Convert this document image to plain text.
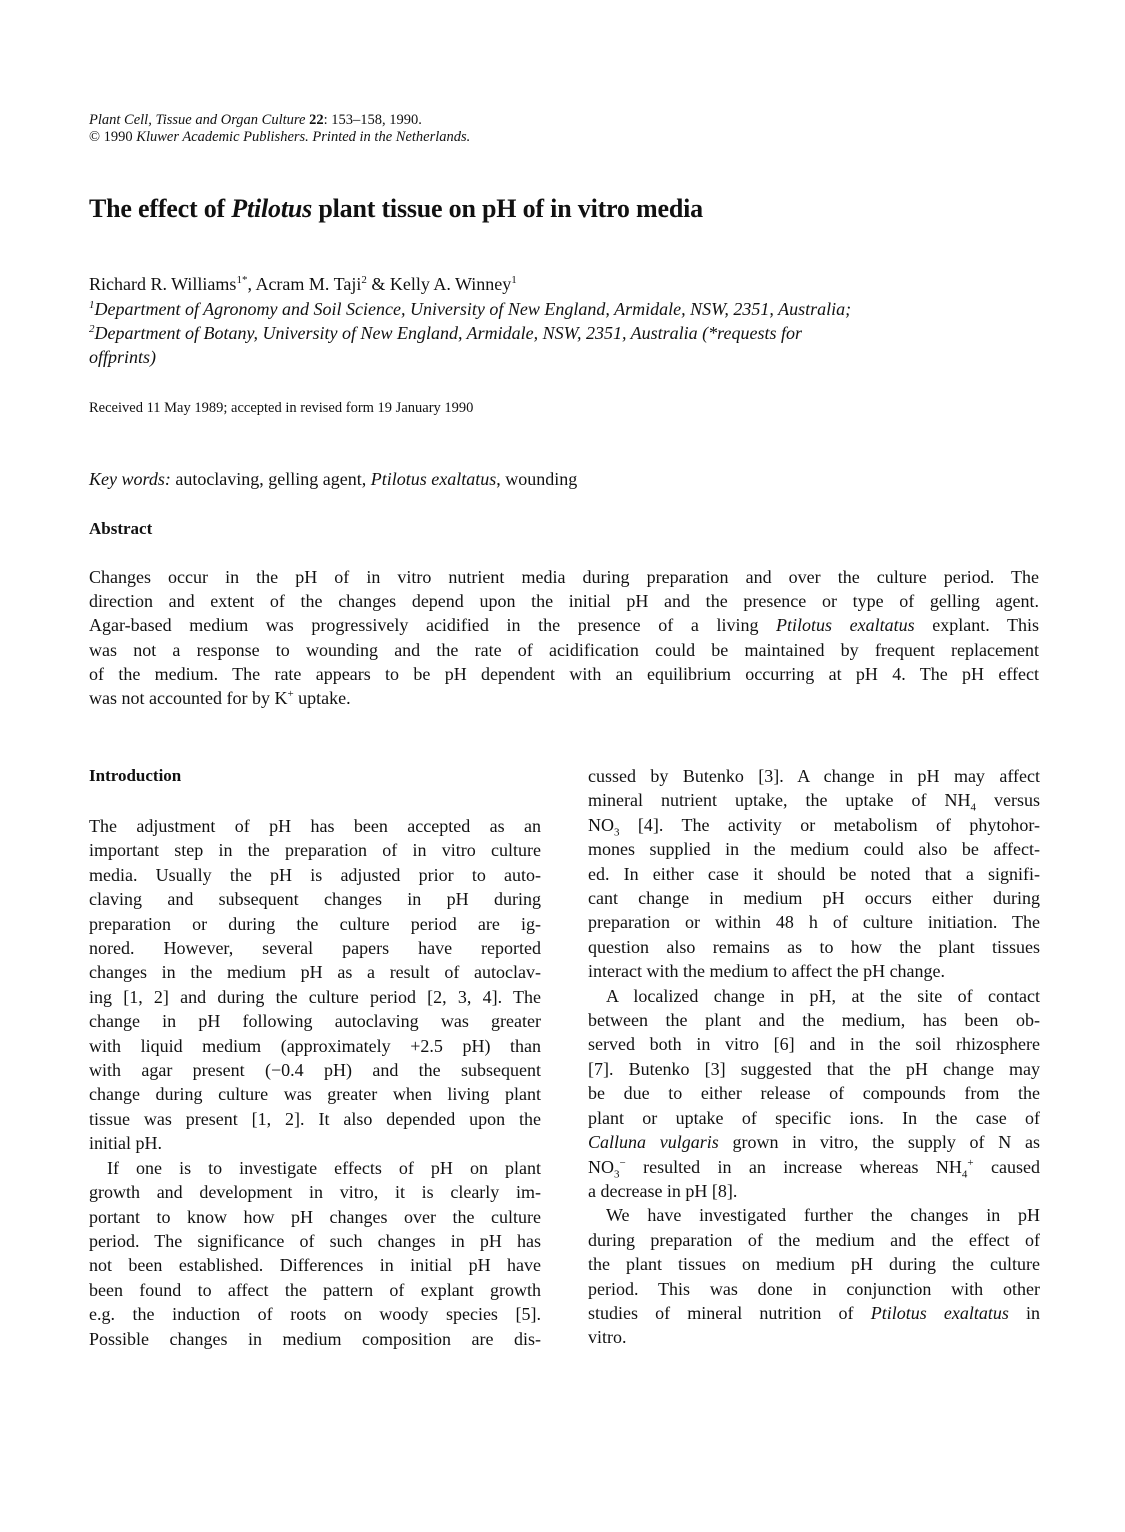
Plant Cell, Tissue and Organ Culture 22: 153–158, 1990.
© 1990 Kluwer Academic Publishers. Printed in the Netherlands.
The effect of Ptilotus plant tissue on pH of in vitro media
Richard R. Williams$^{1*}$, Acram M. Taji$^2$ & Kelly A. Winney$^1$
$^1$Department of Agronomy and Soil Science, University of New England, Armidale, NSW, 2351, Australia;
$^2$Department of Botany, University of New England, Armidale, NSW, 2351, Australia (*requests for
offprints)
Received 11 May 1989; accepted in revised form 19 January 1990
Key words: autoclaving, gelling agent, Ptilotus exaltatus, wounding
Abstract
Changes occur in the pH of in vitro nutrient media during preparation and over the culture period. The
direction and extent of the changes depend upon the initial pH and the presence or type of gelling agent.
Agar-based medium was progressively acidified in the presence of a living Ptilotus exaltatus explant. This
was not a response to wounding and the rate of acidification could be maintained by frequent replacement
of the medium. The rate appears to be pH dependent with an equilibrium occurring at pH 4. The pH effect
was not accounted for by K+ uptake.
Introduction
The adjustment of pH has been accepted as an
important step in the preparation of in vitro culture
media. Usually the pH is adjusted prior to auto-
claving and subsequent changes in pH during
preparation or during the culture period are ig-
nored. However, several papers have reported
changes in the medium pH as a result of autoclav-
ing [1, 2] and during the culture period [2, 3, 4]. The
change in pH following autoclaving was greater
with liquid medium (approximately +2.5 pH) than
with agar present (−0.4 pH) and the subsequent
change during culture was greater when living plant
tissue was present [1, 2]. It also depended upon the
initial pH.
If one is to investigate effects of pH on plant
growth and development in vitro, it is clearly im-
portant to know how pH changes over the culture
period. The significance of such changes in pH has
not been established. Differences in initial pH have
been found to affect the pattern of explant growth
e.g. the induction of roots on woody species [5].
Possible changes in medium composition are dis-
cussed by Butenko [3]. A change in pH may affect
mineral nutrient uptake, the uptake of $NH_4$ versus
$NO_3$ [4]. The activity or metabolism of phytohor-
mones supplied in the medium could also be affect-
ed. In either case it should be noted that a signifi-
cant change in medium pH occurs either during
preparation or within 48 h of culture initiation. The
question also remains as to how the plant tissues
interact with the medium to affect the pH change.
A localized change in pH, at the site of contact
between the plant and the medium, has been ob-
served both in vitro [6] and in the soil rhizosphere
[7]. Butenko [3] suggested that the pH change may
be due to either release of compounds from the
plant or uptake of specific ions. In the case of
Calluna vulgaris grown in vitro, the supply of N as
$NO_3^-$ resulted in an increase whereas $NH_4^+$ caused
a decrease in pH [8].
We have investigated further the changes in pH
during preparation of the medium and the effect of
the plant tissues on medium pH during the culture
period. This was done in conjunction with other
studies of mineral nutrition of Ptilotus exaltatus in
vitro.
